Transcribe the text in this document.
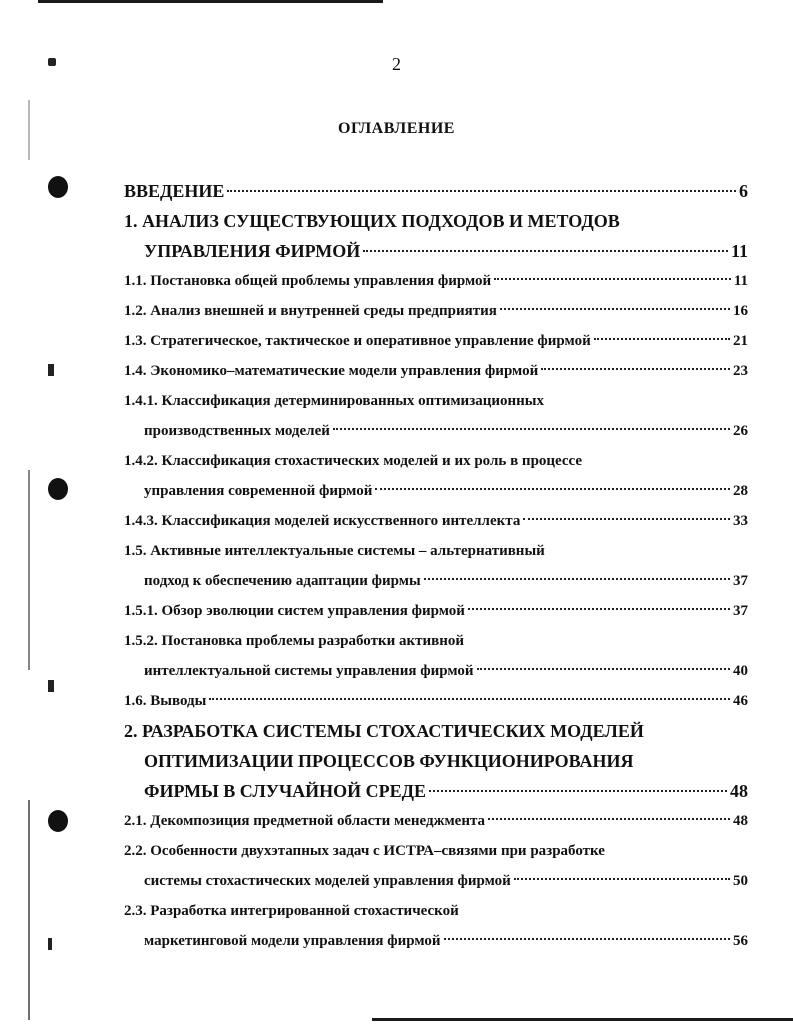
2
ОГЛАВЛЕНИЕ
ВВЕДЕНИЕ	6
1. АНАЛИЗ СУЩЕСТВУЮЩИХ ПОДХОДОВ И МЕТОДОВ
УПРАВЛЕНИЯ ФИРМОЙ	11
1.1. Постановка общей проблемы управления фирмой	11
1.2. Анализ внешней и внутренней среды предприятия	16
1.3. Стратегическое, тактическое и оперативное управление фирмой	21
1.4. Экономико–математические модели управления фирмой	23
1.4.1. Классификация детерминированных оптимизационных
производственных моделей	26
1.4.2. Классификация стохастических моделей и их роль в процессе
управления современной фирмой	28
1.4.3. Классификация моделей искусственного интеллекта	33
1.5. Активные интеллектуальные системы – альтернативный
подход к обеспечению адаптации фирмы	37
1.5.1. Обзор эволюции систем управления фирмой	37
1.5.2. Постановка проблемы разработки активной
интеллектуальной системы управления фирмой	40
1.6. Выводы	46
2. РАЗРАБОТКА СИСТЕМЫ СТОХАСТИЧЕСКИХ МОДЕЛЕЙ
ОПТИМИЗАЦИИ ПРОЦЕССОВ ФУНКЦИОНИРОВАНИЯ
ФИРМЫ В СЛУЧАЙНОЙ СРЕДЕ	48
2.1. Декомпозиция предметной области менеджмента	48
2.2. Особенности двухэтапных задач с ИСТРА–связями при разработке
системы стохастических моделей управления фирмой	50
2.3. Разработка интегрированной стохастической
маркетинговой модели управления фирмой	56
